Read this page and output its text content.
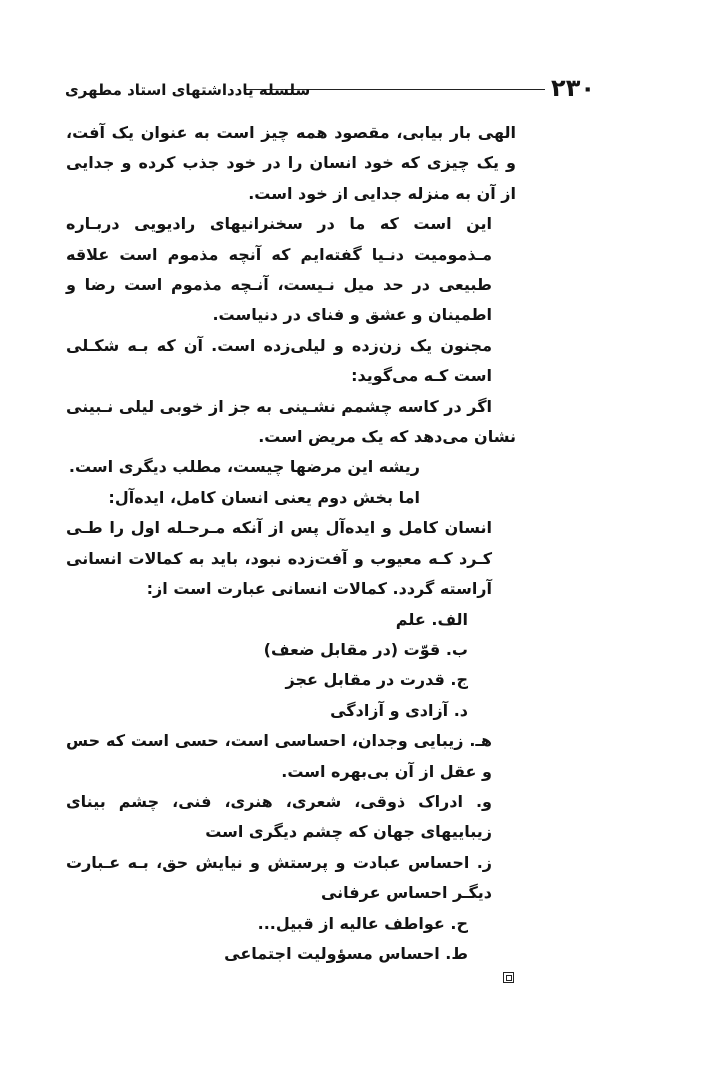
۲۳۰
سلسله یادداشتهای استاد مطهری

الهی بار بیابی، مقصود همه چیز است به عنوان یک آفت، و یک چیزی که خود انسان را در خود جذب کرده و جدایی از آن به منزله جدایی از خود است.

این است که ما در سخنرانیهای رادیویی دربـاره مـذمومیت دنـیا گفته‌ایم که آنچه مذموم است علاقه طبیعی در حد میل نـیست، آنـچه مذموم است رضا و اطمینان و عشق و فنای در دنیاست.

مجنون یک زن‌زده و لیلی‌زده است. آن که بـه شکـلی است کـه می‌گوید:

اگر در کاسه چشمم نشـینی
به جز از خوبی لیلی نـبینی

نشان می‌دهد که یک مریض است.

ریشه این مرضها چیست، مطلب دیگری است.

اما بخش دوم یعنی انسان کامل، ایده‌آل:

انسان کامل و ایده‌آل پس از آنکه مـرحـله اول را طـی کـرد کـه معیوب و آفت‌زده نبود، باید به کمالات انسانی آراسته گردد. کمالات انسانی عبارت است از:

الف. علم

ب. قوّت (در مقابل ضعف)

ج. قدرت در مقابل عجز

د. آزادی و آزادگی

هـ. زیبایی وجدان، احساسی است، حسی است که حس و عقل از آن بی‌بهره است.

و. ادراک ذوقی، شعری، هنری، فنی، چشم بینای زیباییهای جهان که چشم دیگری است

ز. احساس عبادت و پرستش و نیایش حق، بـه عـبارت دیگـر احساس عرفانی

ح. عواطف عالیه از قبیل...

ط. احساس مسؤولیت اجتماعی
